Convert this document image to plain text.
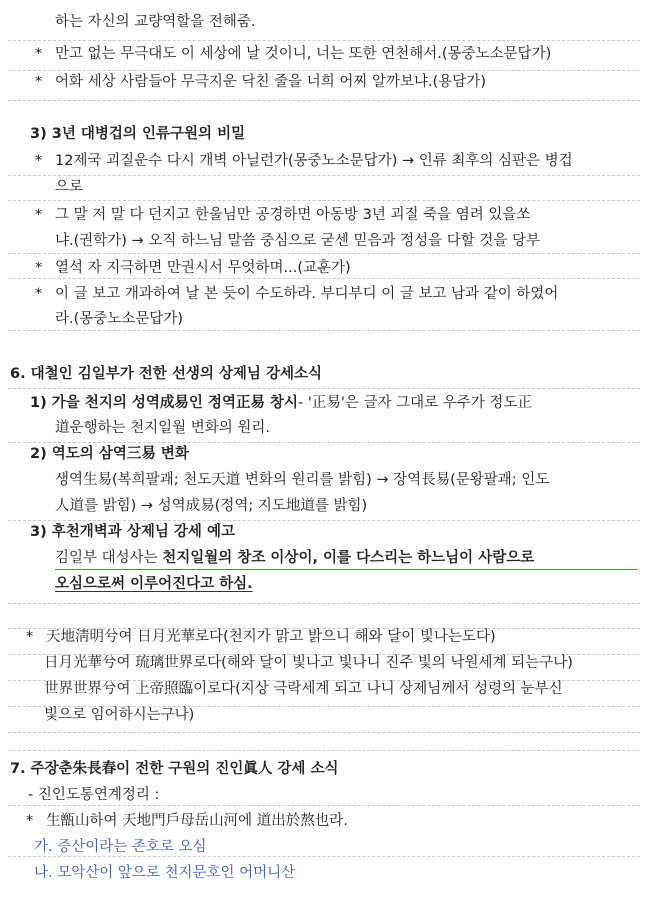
하는 자신의 교량역할을 전해줌.
* 만고 없는 무극대도 이 세상에 날 것이니, 너는 또한 연천해서.(몽중노소문답가)
* 어화 세상 사람들아 무극지운 닥친 줄을 너희 어찌 알까보냐.(용담가)
3) 3년 대병겁의 인류구원의 비밀
* 12제국 괴질운수 다시 개벽 아닐런가(몽중노소문답가) → 인류 최후의 심판은 병겁
으로
* 그 말 저 말 다 던지고 한울님만 공경하면 아동방 3년 괴질 죽을 염려 있을쏘
냐.(권학가) → 오직 하느님 말씀 중심으로 굳센 믿음과 정성을 다할 것을 당부
* 열석 자 지극하면 만권시서 무엇하며...(교훈가)
* 이 글 보고 개과하여 날 본 듯이 수도하라. 부디부디 이 글 보고 남과 같이 하였어
라.(몽중노소문답가)
6. 대철인 김일부가 전한 선생의 상제님 강세소식
1) 가을 천지의 성역成易인 정역正易 창시- '正易'은 글자 그대로 우주가 정도正
道운행하는 천지일월 변화의 원리.
2) 역도의 삼역三易 변화
생역生易(복희팔괘; 천도天道 변화의 원리를 밝힘) → 장역長易(문왕팔괘; 인도
人道를 밝힘) → 성역成易(정역; 지도地道를 밝힘)
3) 후천개벽과 상제님 강세 예고
김일부 대성사는 천지일월의 창조 이상이, 이를 다스리는 하느님이 사람으로
오심으로써 이루어진다고 하심.
* 天地淸明兮여 日月光華로다(천지가 맑고 밝으니 해와 달이 빛나는도다)
日月光華兮여 琉璃世界로다(해와 달이 빛나고 빛나니 진주 빛의 낙원세계 되는구나)
世界世界兮여 上帝照臨이로다(지상 극락세계 되고 나니 상제님께서 성령의 눈부신
빛으로 임어하시는구나)
7. 주장춘朱長春이 전한 구원의 진인眞人 강세 소식
- 진인도통연계정리 :
* 生甑山하여 天地門戶母岳山河에 道出於熬也라.
가. 증산이라는 존호로 오심
나. 모악산이 앞으로 천지문호인 어머니산
